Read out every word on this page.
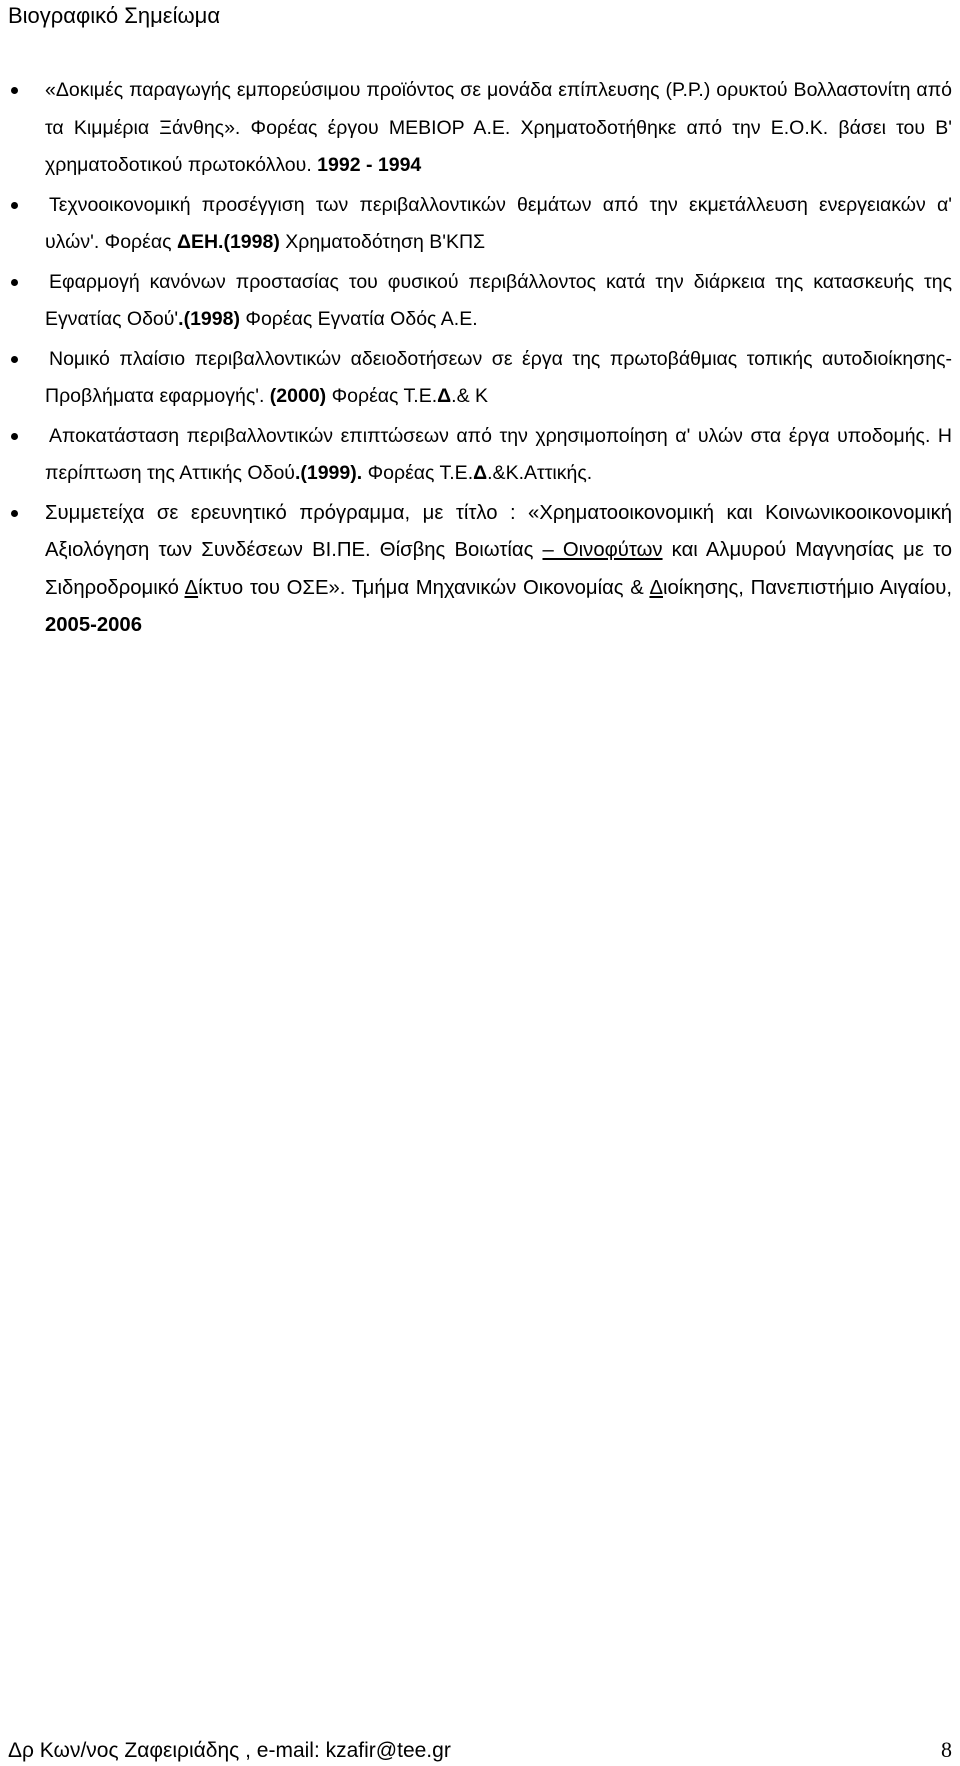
Βιογραφικό Σημείωμα
«Δοκιμές παραγωγής εμπορεύσιμου προϊόντος σε μονάδα επίπλευσης (Ρ.Ρ.) ορυκτού Βολλαστονίτη από τα Κιμμέρια Ξάνθης». Φορέας έργου ΜΕΒΙΟΡ Α.Ε. Χρηματοδοτήθηκε από την Ε.Ο.Κ. βάσει του Β' χρηματοδοτικού πρωτοκόλλου. 1992 - 1994
Τεχνοοικονομική προσέγγιση των περιβαλλοντικών θεμάτων από την εκμετάλλευση ενεργειακών α' υλών'. Φορέας ΔΕΗ.(1998) Χρηματοδότηση Β'ΚΠΣ
Εφαρμογή κανόνων προστασίας του φυσικού περιβάλλοντος κατά την διάρκεια της κατασκευής της Εγνατίας Οδού'.(1998) Φορέας Εγνατία Οδός Α.Ε.
Νομικό πλαίσιο περιβαλλοντικών αδειοδοτήσεων σε έργα της πρωτοβάθμιας τοπικής αυτοδιοίκησης- Προβλήματα εφαρμογής'. (2000) Φορέας Τ.Ε.Δ.& Κ
Αποκατάσταση περιβαλλοντικών επιπτώσεων από την χρησιμοποίηση α' υλών στα έργα υποδομής. Η περίπτωση της Αττικής Οδού.(1999). Φορέας Τ.Ε.Δ.&Κ.Αττικής.
Συμμετείχα σε ερευνητικό πρόγραμμα, με τίτλο : «Χρηματοοικονομική και Κοινωνικοοικονομική Αξιολόγηση των Συνδέσεων ΒΙ.ΠΕ. Θίσβης Βοιωτίας – Οινοφύτων και Αλμυρού Μαγνησίας με το Σιδηροδρομικό Δίκτυο του ΟΣΕ». Τμήμα Μηχανικών Οικονομίας & Διοίκησης, Πανεπιστήμιο Αιγαίου, 2005-2006
Δρ Κων/νος Ζαφειριάδης , e-mail: kzafir@tee.gr	8
